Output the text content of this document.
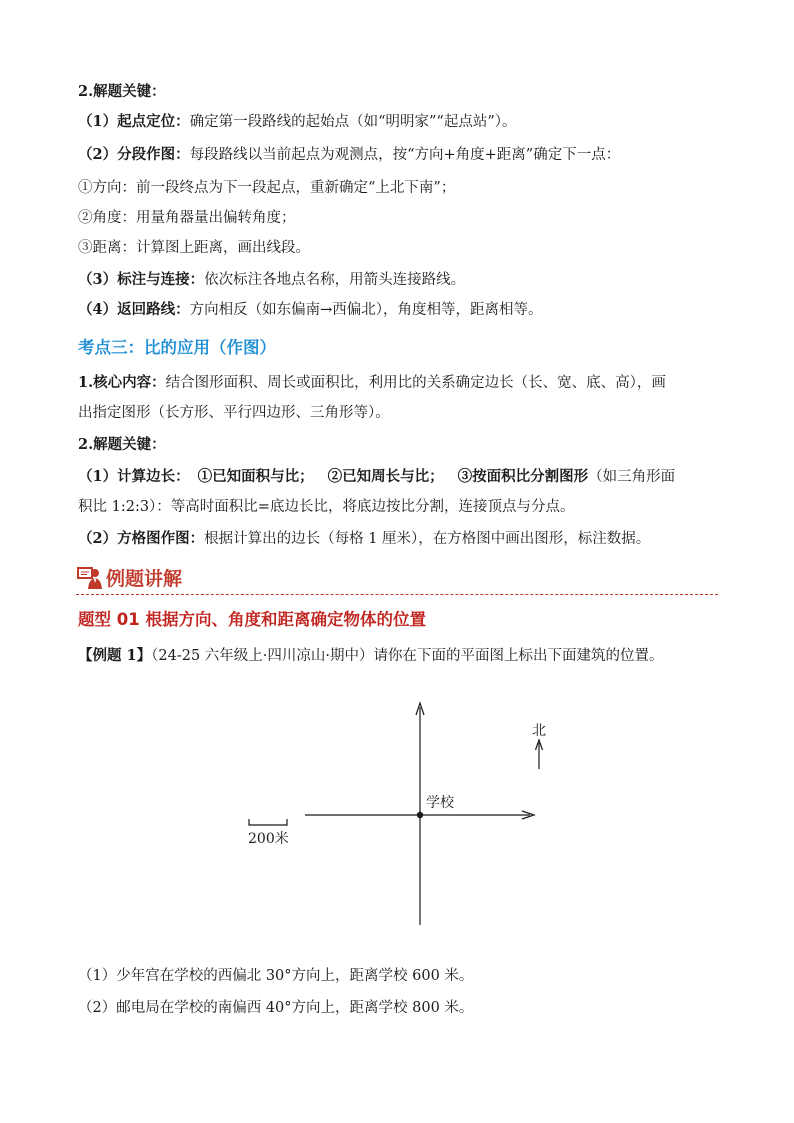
2.解题关键：
（1）起点定位：确定第一段路线的起始点（如“明明家”“起点站”）。
（2）分段作图：每段路线以当前起点为观测点，按“方向+角度+距离”确定下一点：
①方向：前一段终点为下一段起点，重新确定“上北下南”；
②角度：用量角器量出偏转角度；
③距离：计算图上距离，画出线段。
（3）标注与连接：依次标注各地点名称，用箭头连接路线。
（4）返回路线：方向相反（如东偏南→西偏北），角度相等，距离相等。
考点三：比的应用（作图）
1.核心内容：结合图形面积、周长或面积比，利用比的关系确定边长（长、宽、底、高），画
出指定图形（长方形、平行四边形、三角形等）。
2.解题关键：
（1）计算边长： ①已知面积与比； ②已知周长与比； ③按面积比分割图形（如三角形面
积比 1:2:3）：等高时面积比=底边长比，将底边按比分割，连接顶点与分点。
（2）方格图作图：根据计算出的边长（每格 1 厘米），在方格图中画出图形，标注数据。
例题讲解
题型 01 根据方向、角度和距离确定物体的位置
【例题 1】（24-25 六年级上·四川凉山·期中）请你在下面的平面图上标出下面建筑的位置。
学校
北
200米
（1）少年宫在学校的西偏北 30°方向上，距离学校 600 米。
（2）邮电局在学校的南偏西 40°方向上，距离学校 800 米。
